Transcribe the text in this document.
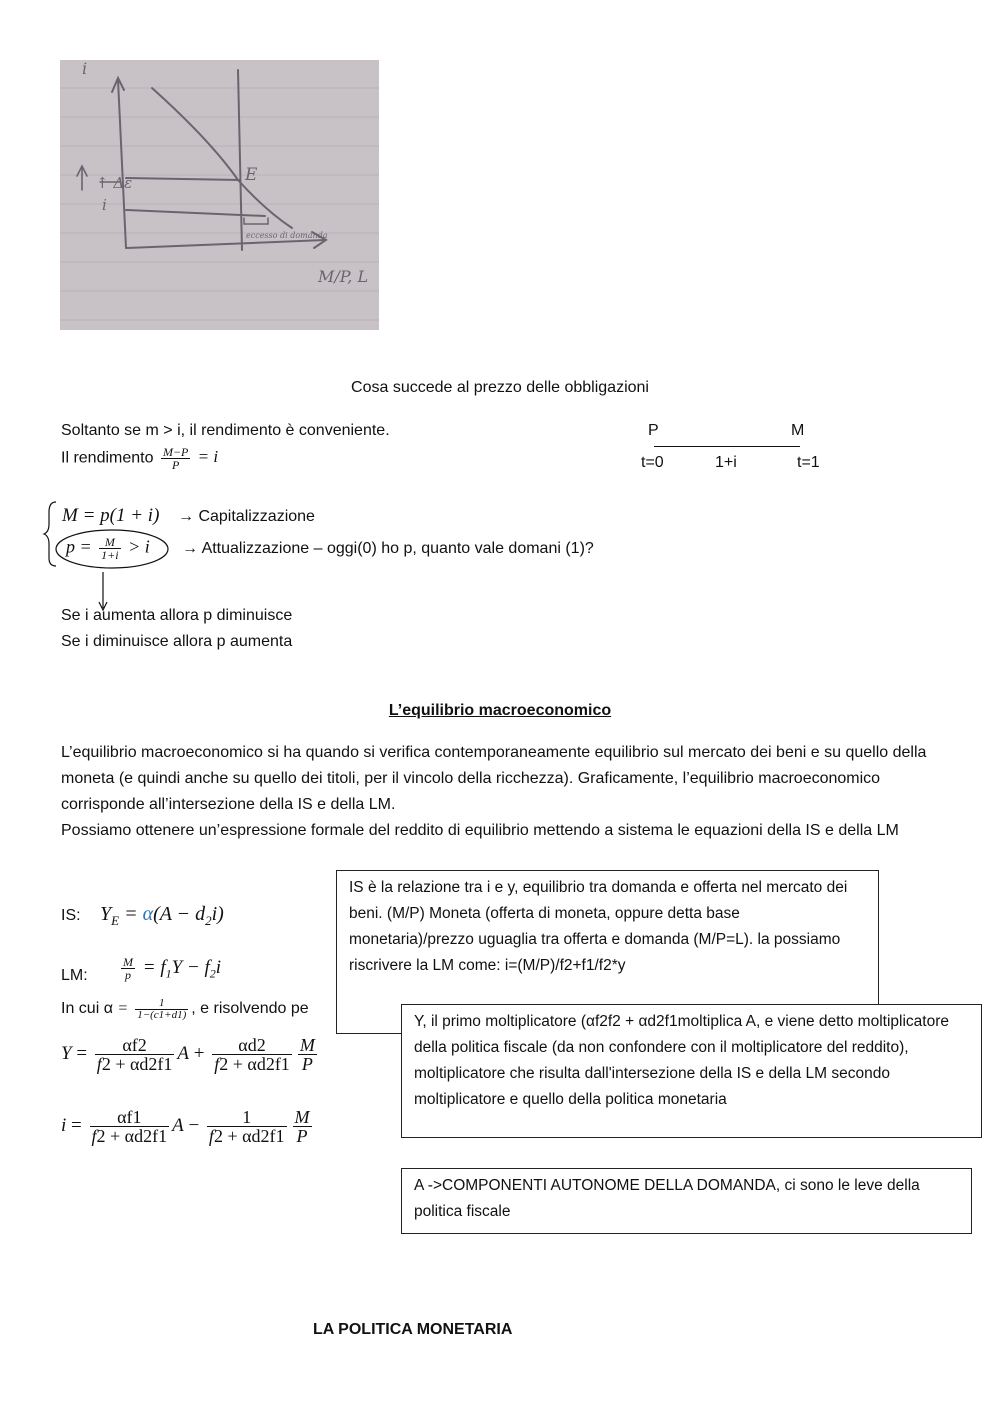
i
E
eccesso di domanda
M/P, L
↑ Δε
i
Cosa succede al prezzo delle obbligazioni
Soltanto se m > i, il rendimento è conveniente.
Il rendimento $\frac{M-P}{P} = i$
P	M
t=0	1+i	t=1
M = p(1 + i) → Capitalizzazione
$p = \frac{M}{1+i} > i$ → Attualizzazione – oggi(0) ho p, quanto vale domani (1)?
Se i aumenta allora p diminuisce
Se i diminuisce allora p aumenta
L’equilibrio macroeconomico
L’equilibrio macroeconomico si ha quando si verifica contemporaneamente equilibrio sul mercato dei beni e su quello della moneta (e quindi anche su quello dei titoli, per il vincolo della ricchezza). Graficamente, l’equilibrio macroeconomico corrisponde all’intersezione della IS e della LM.
Possiamo ottenere un’espressione formale del reddito di equilibrio mettendo a sistema le equazioni della IS e della LM
IS: $Y_E = \alpha(A - d_2i)$
LM:	$\frac{M}{p} = f_1Y - f_2i$
In cui $\alpha = \frac{1}{1-(c1+d1)}$ , e risolvendo pe
$Y = \frac{\alpha f2}{f2 + \alpha d2f1}$ $A + \frac{\alpha d2}{f2 + \alpha d2f1} \frac{M}{P}$
$i = \frac{\alpha f1}{f2 + \alpha d2f1}$ $A - \frac{1}{f2 + \alpha d2f1} \frac{M}{P}$
IS è la relazione tra i e y, equilibrio tra domanda e offerta nel mercato dei beni. (M/P) Moneta (offerta di moneta, oppure detta base monetaria)/prezzo uguaglia tra offerta e domanda (M/P=L). la possiamo riscrivere la LM come: i=(M/P)/f2+f1/f2*y
Y, il primo moltiplicatore (αf2f2 + αd2f1moltiplica A, e viene detto moltiplicatore della politica fiscale (da non confondere con il moltiplicatore del reddito), moltiplicatore che risulta dall'intersezione della IS e della LM secondo moltiplicatore e quello della politica monetaria
A ->COMPONENTI AUTONOME DELLA DOMANDA, ci sono le leve della politica fiscale
LA POLITICA MONETARIA
